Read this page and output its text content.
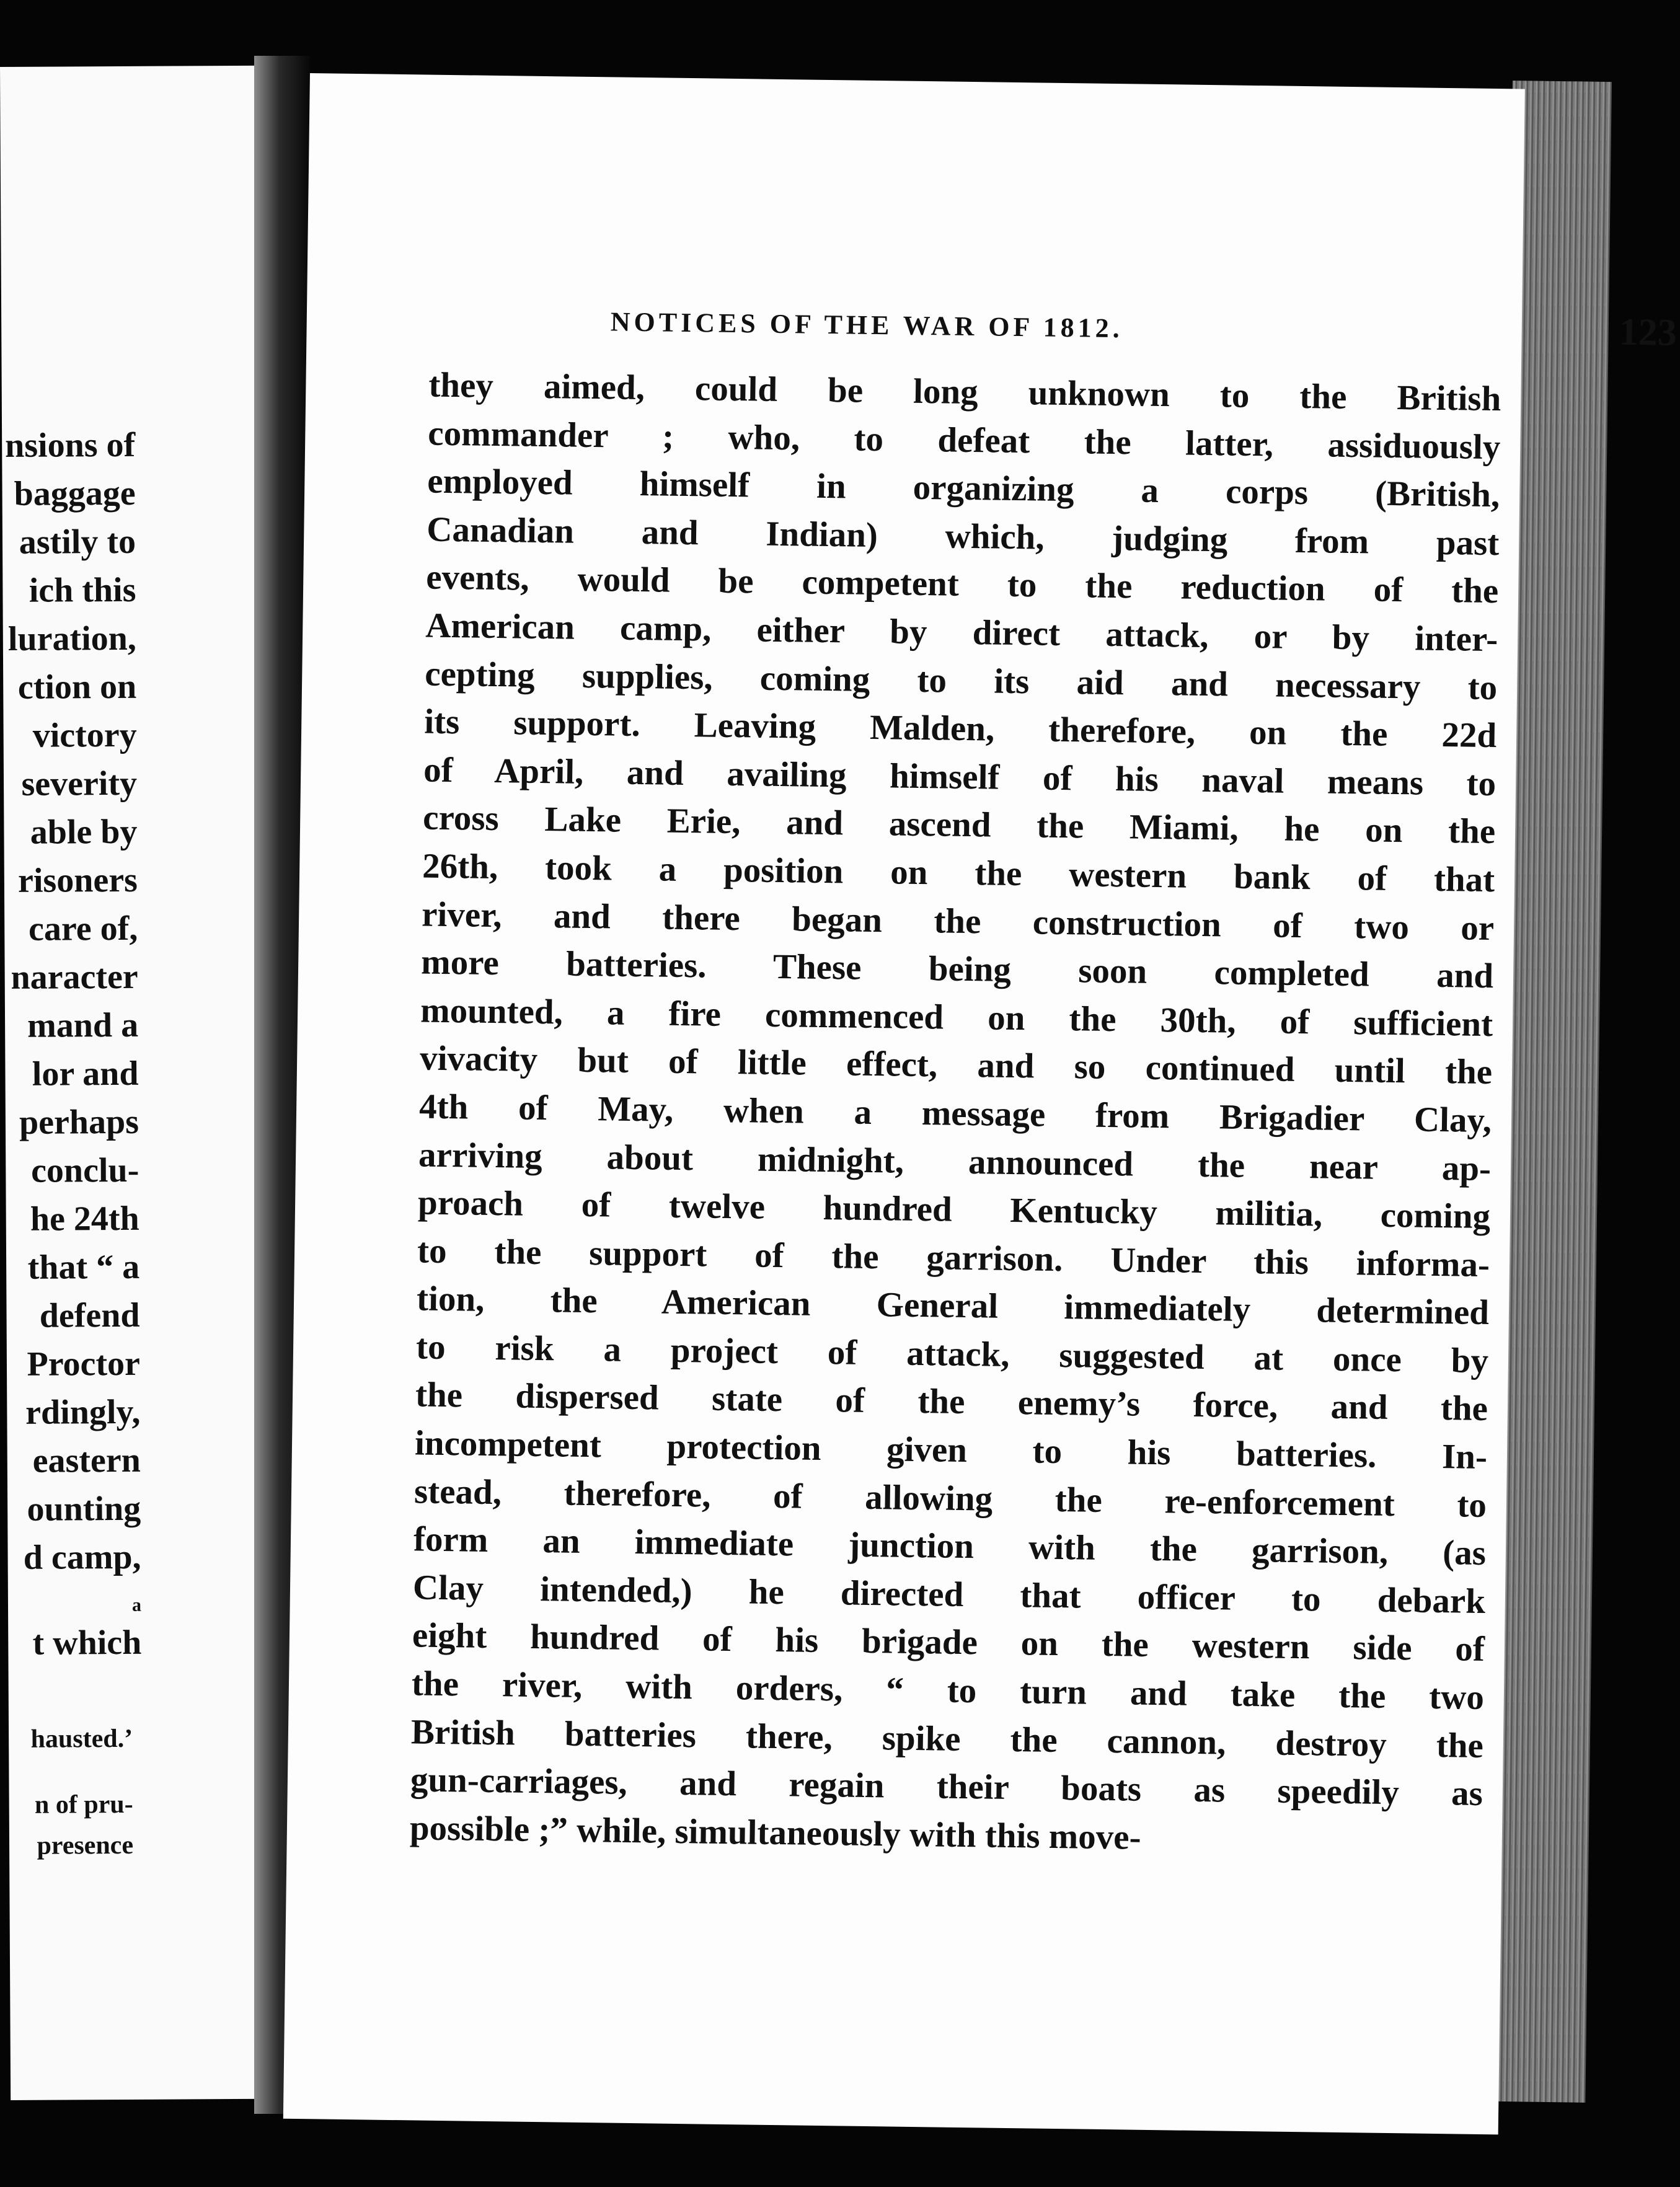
nsions of
baggage
astily to
ich this
luration,
ction on
victory
severity
able by
risoners
care of,
naracter
mand a
lor and
perhaps
conclu-
he 24th
that “ a
defend
Proctor
rdingly,
eastern
ounting
d camp,
a
t which
hausted.’
n of pru-
presence
NOTICES OF THE WAR OF 1812.	123
they aimed, could be long unknown to the British
commander ; who, to defeat the latter, assiduously
employed himself in organizing a corps (British,
Canadian and Indian) which, judging from past
events, would be competent to the reduction of the
American camp, either by direct attack, or by inter-
cepting supplies, coming to its aid and necessary to
its support. Leaving Malden, therefore, on the 22d
of April, and availing himself of his naval means to
cross Lake Erie, and ascend the Miami, he on the
26th, took a position on the western bank of that
river, and there began the construction of two or
more batteries. These being soon completed and
mounted, a fire commenced on the 30th, of sufficient
vivacity but of little effect, and so continued until the
4th of May, when a message from Brigadier Clay,
arriving about midnight, announced the near ap-
proach of twelve hundred Kentucky militia, coming
to the support of the garrison. Under this informa-
tion, the American General immediately determined
to risk a project of attack, suggested at once by
the dispersed state of the enemy’s force, and the
incompetent protection given to his batteries. In-
stead, therefore, of allowing the re-enforcement to
form an immediate junction with the garrison, (as
Clay intended,) he directed that officer to debark
eight hundred of his brigade on the western side of
the river, with orders, “ to turn and take the two
British batteries there, spike the cannon, destroy the
gun-carriages, and regain their boats as speedily as
possible ;” while, simultaneously with this move-
